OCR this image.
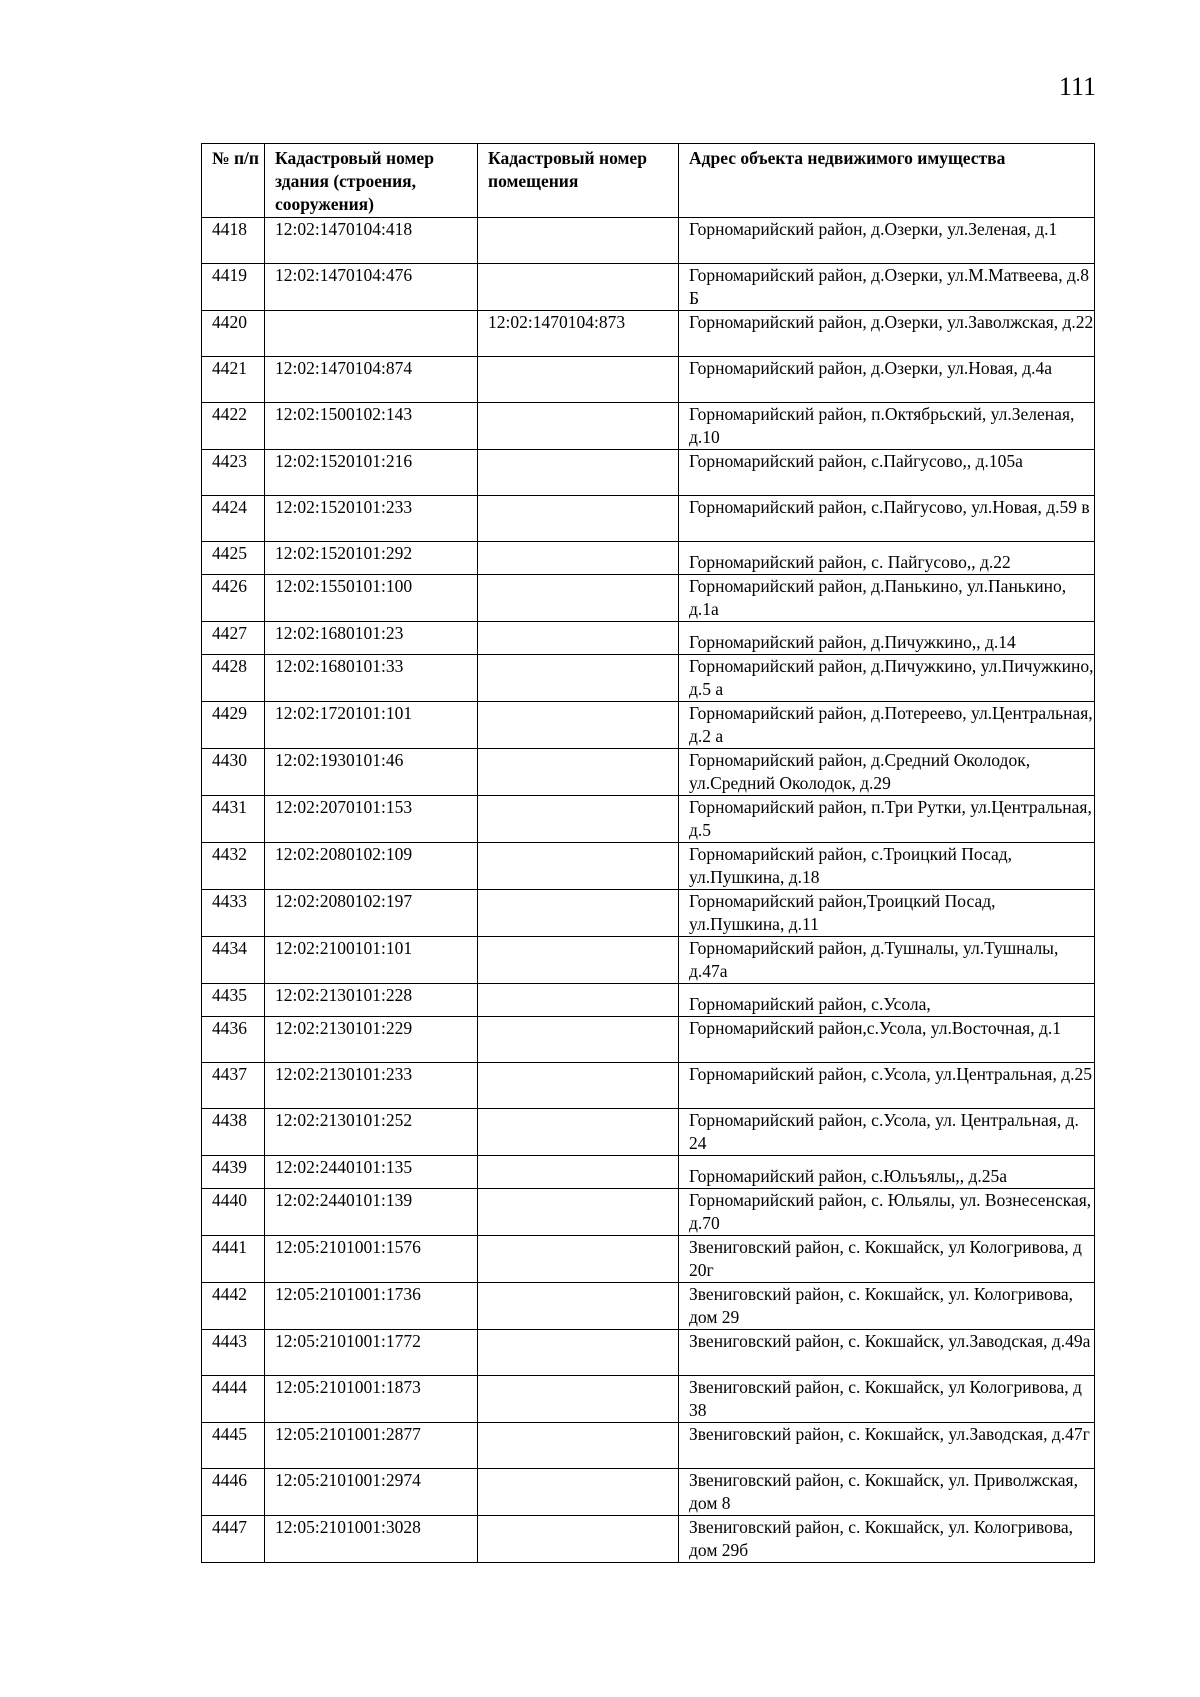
111
№ п/п	Кадастровый номер здания (строения, сооружения)	Кадастровый номер помещения	Адрес объекта недвижимого имущества
4418	12:02:1470104:418		Горномарийский район, д.Озерки, ул.Зеленая, д.1
4419	12:02:1470104:476		Горномарийский район, д.Озерки, ул.М.Матвеева, д.8 Б
4420		12:02:1470104:873	Горномарийский район, д.Озерки, ул.Заволжская, д.22
4421	12:02:1470104:874		Горномарийский район, д.Озерки, ул.Новая, д.4а
4422	12:02:1500102:143		Горномарийский район, п.Октябрьский, ул.Зеленая, д.10
4423	12:02:1520101:216		Горномарийский район, с.Пайгусово,, д.105а
4424	12:02:1520101:233		Горномарийский район, с.Пайгусово, ул.Новая, д.59 в
4425	12:02:1520101:292		Горномарийский район, с. Пайгусово,, д.22
4426	12:02:1550101:100		Горномарийский район, д.Панькино, ул.Панькино, д.1а
4427	12:02:1680101:23		Горномарийский район, д.Пичужкино,, д.14
4428	12:02:1680101:33		Горномарийский район, д.Пичужкино, ул.Пичужкино, д.5 а
4429	12:02:1720101:101		Горномарийский район, д.Потереево, ул.Центральная, д.2 а
4430	12:02:1930101:46		Горномарийский район, д.Средний Околодок, ул.Средний Околодок, д.29
4431	12:02:2070101:153		Горномарийский район, п.Три Рутки, ул.Центральная, д.5
4432	12:02:2080102:109		Горномарийский район, с.Троицкий Посад, ул.Пушкина, д.18
4433	12:02:2080102:197		Горномарийский район,Троицкий Посад, ул.Пушкина, д.11
4434	12:02:2100101:101		Горномарийский район, д.Тушналы, ул.Тушналы, д.47а
4435	12:02:2130101:228		Горномарийский район, с.Усола,
4436	12:02:2130101:229		Горномарийский район,с.Усола, ул.Восточная, д.1
4437	12:02:2130101:233		Горномарийский район, с.Усола, ул.Центральная, д.25
4438	12:02:2130101:252		Горномарийский район, с.Усола, ул. Центральная, д. 24
4439	12:02:2440101:135		Горномарийский район, с.Юльъялы,, д.25а
4440	12:02:2440101:139		Горномарийский район, с. Юльялы, ул. Вознесенская, д.70
4441	12:05:2101001:1576		Звениговский район, с. Кокшайск, ул Кологривова, д 20г
4442	12:05:2101001:1736		Звениговский район, с. Кокшайск, ул. Кологривова, дом 29
4443	12:05:2101001:1772		Звениговский район, с. Кокшайск, ул.Заводская, д.49а
4444	12:05:2101001:1873		Звениговский район, с. Кокшайск, ул Кологривова, д 38
4445	12:05:2101001:2877		Звениговский район, с. Кокшайск, ул.Заводская, д.47г
4446	12:05:2101001:2974		Звениговский район, с. Кокшайск, ул. Приволжская, дом 8
4447	12:05:2101001:3028		Звениговский район, с. Кокшайск, ул. Кологривова, дом 29б
